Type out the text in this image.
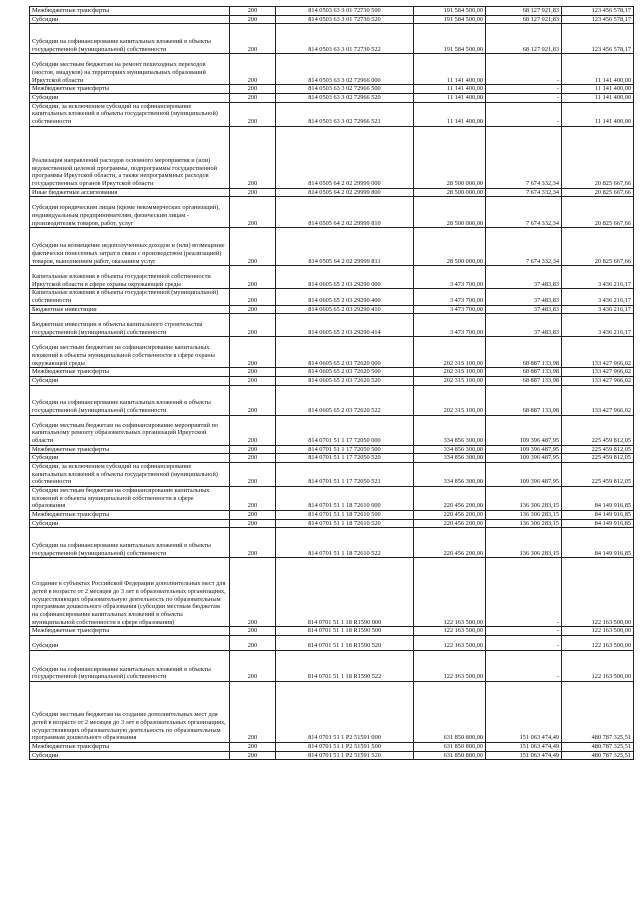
Межбюджетные трансферты	200	814 0503 63 3 01 72730 500	191 584 500,00	68 127 921,83	123 456 578,17
Субсидии	200	814 0503 63 3 01 72730 520	191 584 500,00	68 127 921,83	123 456 578,17
Субсидии на софинансирование капитальных вложений в объекты государственной (муниципальной) собственности	200	814 0503 63 3 01 72730 522	191 584 500,00	68 127 921,83	123 456 578,17
Субсидии местным бюджетам на ремонт пешеходных переходов (мостов, виадуков) на территориях муниципальных образований Иркутской области	200	814 0503 63 3 02 72966 000	11 141 400,00	-	11 141 400,00
Межбюджетные трансферты	200	814 0503 63 3 02 72966 500	11 141 400,00	-	11 141 400,00
Субсидии	200	814 0503 63 3 02 72966 520	11 141 400,00	-	11 141 400,00
Субсидии, за исключением субсидий на софинансирование капитальных вложений в объекты государственной (муниципальной) собственности	200	814 0503 63 3 02 72966 521	11 141 400,00	-	11 141 400,00
Реализация направлений расходов основного мероприятия и (или) ведомственной целевой программы, подпрограммы государственной программы Иркутской области, а также непрограммных расходов государственных органов Иркутской области	200	814 0505 64 2 02 29999 000	28 500 000,00	7 674 332,34	20 825 667,66
Иные бюджетные ассигнования	200	814 0505 64 2 02 29999 800	28 500 000,00	7 674 332,34	20 825 667,66
Субсидии юридическим лицам (кроме некоммерческих организаций), индивидуальным предпринимателям, физическим лицам - производителям товаров, работ, услуг	200	814 0505 64 2 02 29999 810	28 500 000,00	7 674 332,34	20 825 667,66
Субсидии на возмещение недополученных доходов и (или) возмещение фактически понесенных затрат в связи с производством (реализацией) товаров, выполнением работ, оказанием услуг	200	814 0505 64 2 02 29999 811	28 500 000,00	7 674 332,34	20 825 667,66
Капитальные вложения в объекты государственной собственности Иркутской области в сфере охраны окружающей среды	200	814 0605 65 2 03 29290 000	3 473 700,00	37 483,83	3 436 216,17
Капитальные вложения в объекты государственной (муниципальной) собственности	200	814 0605 65 2 03 29290 400	3 473 700,00	37 483,83	3 436 216,17
Бюджетные инвестиции	200	814 0605 65 2 03 29290 410	3 473 700,00	37 483,83	3 436 216,17
Бюджетные инвестиции в объекты капитального строительства государственной (муниципальной) собственности	200	814 0605 65 2 03 29290 414	3 473 700,00	37 483,83	3 436 216,17
Субсидии местным бюджетам на софинансирование капитальных вложений в объекты муниципальной собственности в сфере охраны окружающей среды	200	814 0605 65 2 03 72620 000	202 315 100,00	68 887 133,98	133 427 966,02
Межбюджетные трансферты	200	814 0605 65 2 03 72620 500	202 315 100,00	68 887 133,98	133 427 966,02
Субсидии	200	814 0605 65 2 03 72620 520	202 315 100,00	68 887 133,98	133 427 966,02
Субсидии на софинансирование капитальных вложений в объекты государственной (муниципальной) собственности	200	814 0605 65 2 03 72620 522	202 315 100,00	68 887 133,98	133 427 966,02
Субсидии местным бюджетам на софинансирование мероприятий по капитальному ремонту образовательных организаций Иркутской области	200	814 0701 51 1 17 72050 000	334 856 300,00	109 396 487,95	225 459 812,05
Межбюджетные трансферты	200	814 0701 51 1 17 72050 500	334 856 300,00	109 396 487,95	225 459 812,05
Субсидии	200	814 0701 51 1 17 72050 520	334 856 300,00	109 396 487,95	225 459 812,05
Субсидии, за исключением субсидий на софинансирование капитальных вложений в объекты государственной (муниципальной) собственности	200	814 0701 51 1 17 72050 521	334 856 300,00	109 396 487,95	225 459 812,05
Субсидии местным бюджетам на софинансирование капитальных вложений в объекты муниципальной собственности в сфере образования	200	814 0701 51 1 18 72610 000	220 456 200,00	136 306 283,15	84 149 916,85
Межбюджетные трансферты	200	814 0701 51 1 18 72610 500	220 456 200,00	136 306 283,15	84 149 916,85
Субсидии	200	814 0701 51 1 18 72610 520	220 456 200,00	136 306 283,15	84 149 916,85
Субсидии на софинансирование капитальных вложений в объекты государственной (муниципальной) собственности	200	814 0701 51 1 18 72610 522	220 456 200,00	136 306 283,15	84 149 916,85
Создание в субъектах Российской Федерации дополнительных мест для детей в возрасте от 2 месяцев до 3 лет в образовательных организациях, осуществляющих образовательную деятельность по образовательным программам дошкольного образования (субсидии местным бюджетам на софинансирование капитальных вложений в объекты муниципальной собственности в сфере образования)	200	814 0701 51 1 18 R1590 000	122 163 500,00	-	122 163 500,00
Межбюджетные трансферты	200	814 0701 51 1 18 R1590 500	122 163 500,00	-	122 163 500,00
Субсидии	200	814 0701 51 1 18 R1590 520	122 163 500,00	-	122 163 500,00
Субсидии на софинансирование капитальных вложений в объекты государственной (муниципальной) собственности	200	814 0701 51 1 18 R1590 522	122 163 500,00	-	122 163 500,00
Субсидии местным бюджетам на создание дополнительных мест для детей в возрасте от 2 месяцев до 3 лет в образовательных организациях, осуществляющих образовательную деятельность по образовательным программам дошкольного образования	200	814 0701 51 1 P2 51591 000	631 850 800,00	151 063 474,49	480 787 325,51
Межбюджетные трансферты	200	814 0701 51 1 P2 51591 500	631 850 800,00	151 063 474,49	480 787 325,51
Субсидии	200	814 0701 51 1 P2 51591 520	631 850 800,00	151 063 474,49	480 787 325,51
